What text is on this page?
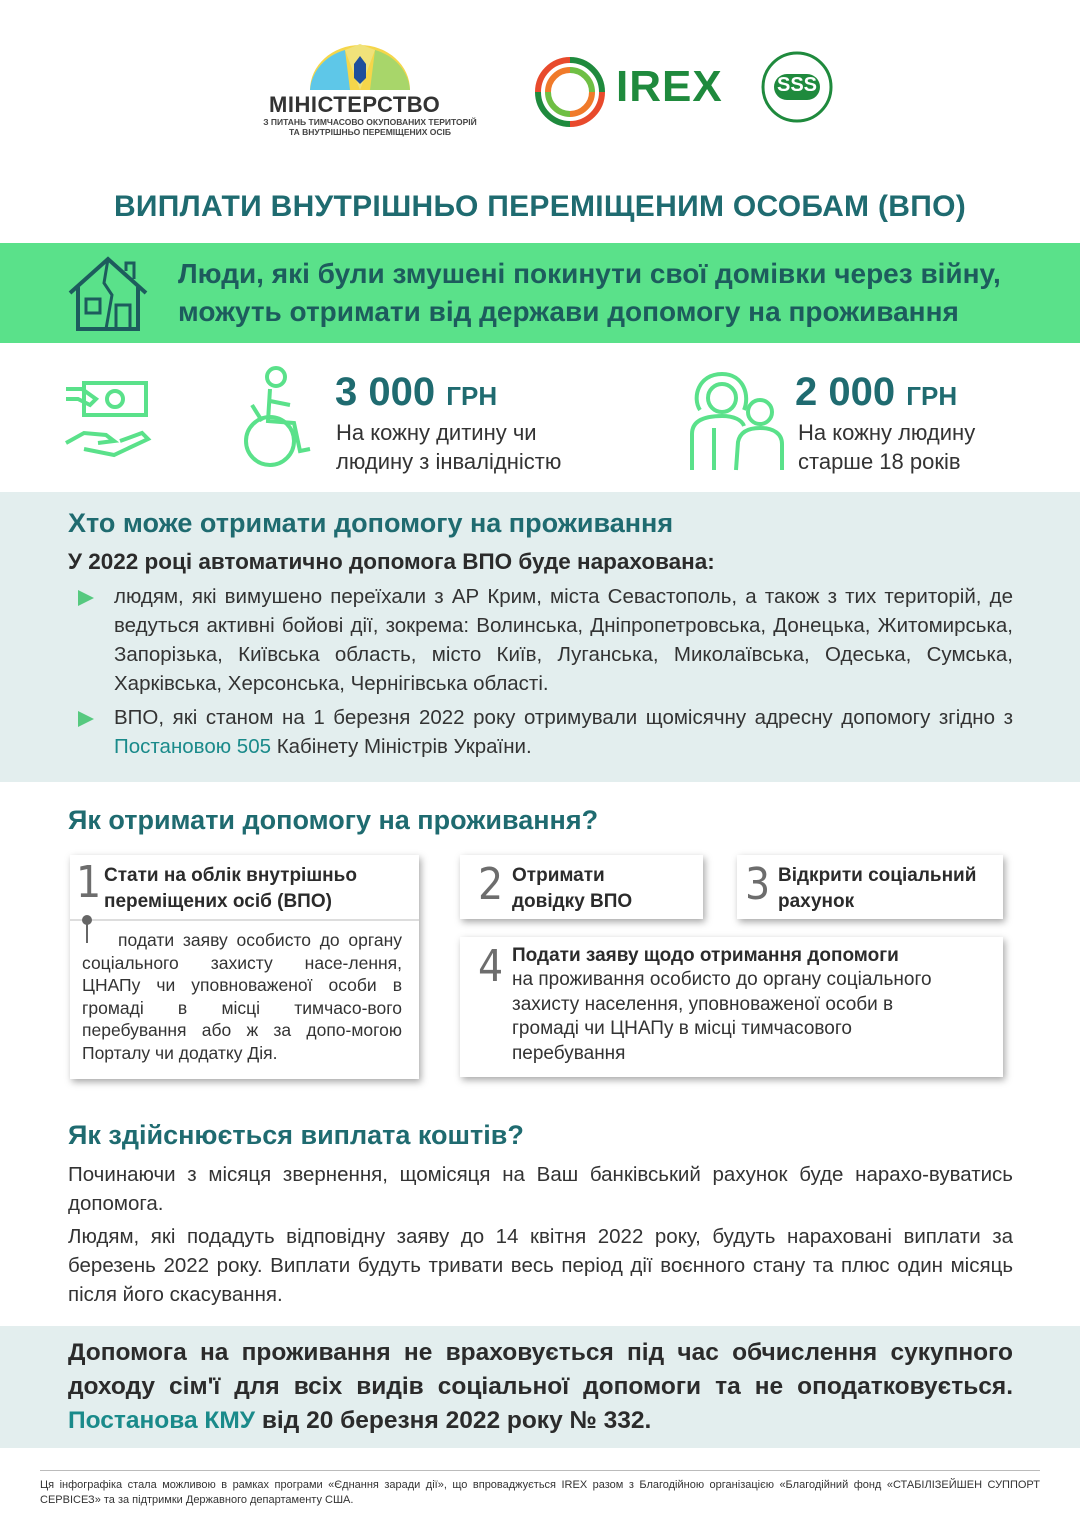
МІНІСТЕРСТВО
З ПИТАНЬ ТИМЧАСОВО ОКУПОВАНИХ ТЕРИТОРІЙ
ТА ВНУТРІШНЬО ПЕРЕМІЩЕНИХ ОСІБ
IREX	SSS
ВИПЛАТИ ВНУТРІШНЬО ПЕРЕМІЩЕНИМ ОСОБАМ (ВПО)
Люди, які були змушені покинути свої домівки через війну,
можуть отримати від держави допомогу на проживання
3 000 ГРН
На кожну дитину чи
людину з інвалідністю
2 000 ГРН
На кожну людину
старше 18 років
Хто може отримати допомогу на проживання
У 2022 році автоматично допомога ВПО буде нарахована:
людям, які вимушено переїхали з АР Крим, міста Севастополь, а також з тих територій, де ведуться активні бойові дії, зокрема: Волинська, Дніпропетровська, Донецька, Житомирська, Запорізька, Київська область, місто Київ, Луганська, Миколаївська, Одеська, Сумська, Харківська, Херсонська, Чернігівська області.
ВПО, які станом на 1 березня 2022 року отримували щомісячну адресну допомогу згідно з Постановою 505 Кабінету Міністрів України.
Як отримати допомогу на проживання?
1 Стати на облік внутрішньо переміщених осіб (ВПО)
подати заяву особисто до органу соціального захисту насе-лення, ЦНАПу чи уповноваженої особи в громаді в місці тимчасо-вого перебування або ж за допо-могою Порталу чи додатку Дія.
2 Отримати довідку ВПО	3 Відкрити соціальний рахунок
4 Подати заяву щодо отримання допомоги
на проживання особисто до органу соціального захисту населення, уповноваженої особи в громаді чи ЦНАПу в місці тимчасового перебування
Як здійснюється виплата коштів?
Починаючи з місяця звернення, щомісяця на Ваш банківський рахунок буде нарахо-вуватись допомога.
Людям, які подадуть відповідну заяву до 14 квітня 2022 року, будуть нараховані виплати за березень 2022 року. Виплати будуть тривати весь період дії воєнного стану та плюс один місяць після його скасування.
Допомога на проживання не враховується під час обчислення сукупного доходу сім'ї для всіх видів соціальної допомоги та не оподатковується. Постанова КМУ від 20 березня 2022 року № 332.
Ця інфографіка стала можливою в рамках програми «Єднання заради дії», що впроваджується IREX разом з Благодійною організацією «Благодійний фонд «СТАБІЛІЗЕЙШЕН СУППОРТ СЕРВІСЕЗ» та за підтримки Державного департаменту США.
